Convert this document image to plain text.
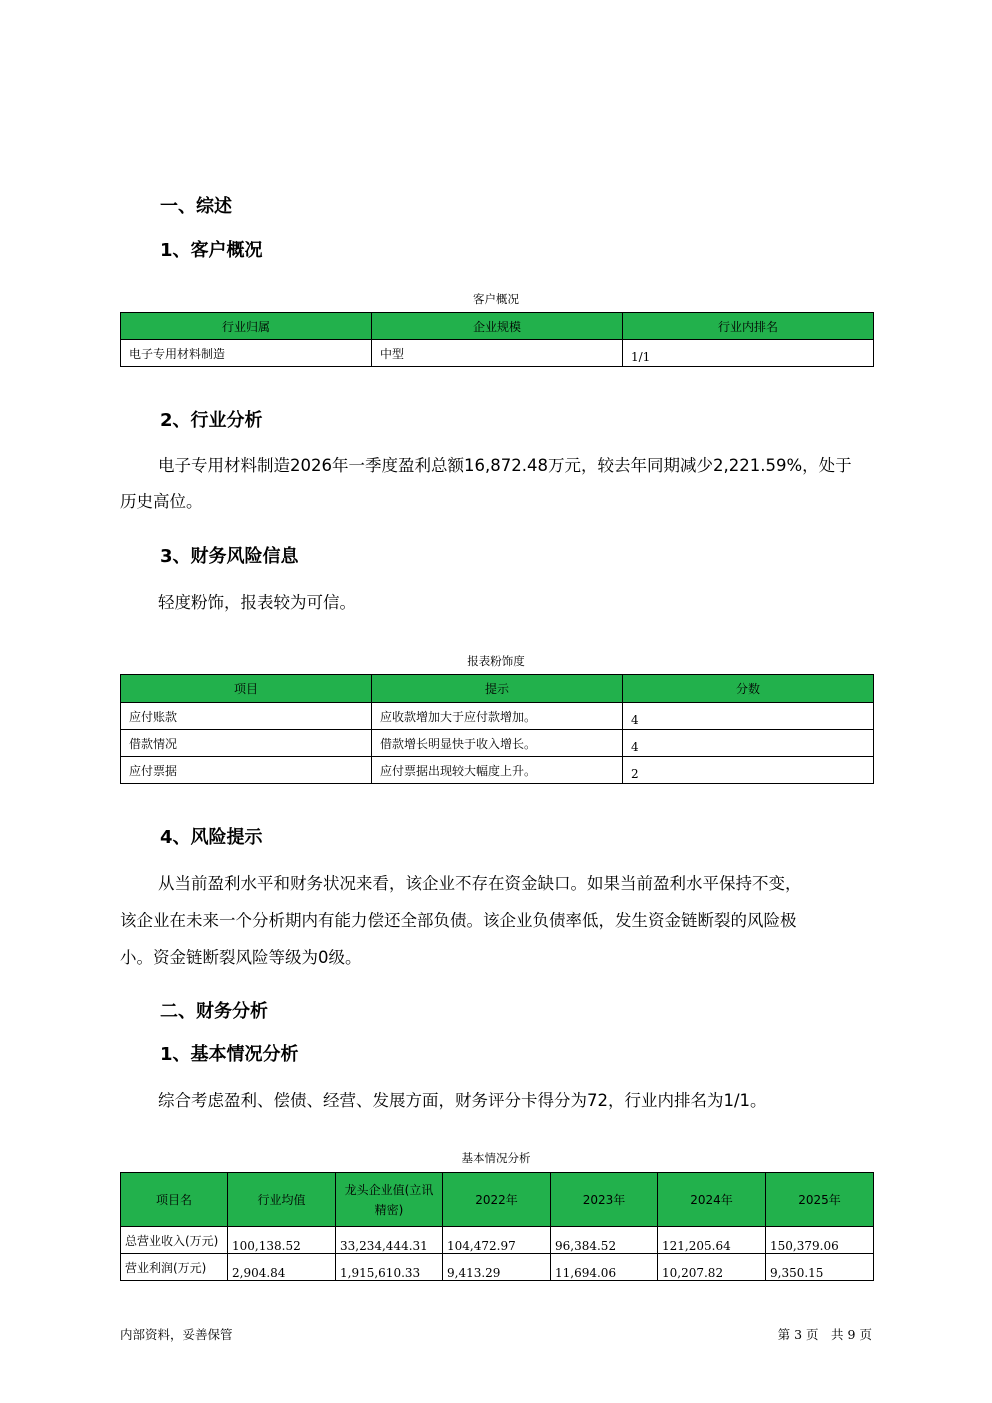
一、综述
1、客户概况
客户概况
行业归属	企业规模	行业内排名
电子专用材料制造	中型	1/1
2、行业分析
电子专用材料制造2026年一季度盈利总额16,872.48万元，较去年同期减少2,221.59%，处于
历史高位。
3、财务风险信息
轻度粉饰，报表较为可信。
报表粉饰度
项目	提示	分数
应付账款	应收款增加大于应付款增加。	4
借款情况	借款增长明显快于收入增长。	4
应付票据	应付票据出现较大幅度上升。	2
4、风险提示
从当前盈利水平和财务状况来看，该企业不存在资金缺口。如果当前盈利水平保持不变，
该企业在未来一个分析期内有能力偿还全部负债。该企业负债率低，发生资金链断裂的风险极
小。资金链断裂风险等级为0级。
二、财务分析
1、基本情况分析
综合考虑盈利、偿债、经营、发展方面，财务评分卡得分为72，行业内排名为1/1。
基本情况分析
项目名	行业均值	龙头企业值(立讯精密)	2022年	2023年	2024年	2025年
总营业收入(万元)	100,138.52	33,234,444.31	104,472.97	96,384.52	121,205.64	150,379.06
营业利润(万元)	2,904.84	1,915,610.33	9,413.29	11,694.06	10,207.82	9,350.15
内部资料，妥善保管	第 3 页　共 9 页
